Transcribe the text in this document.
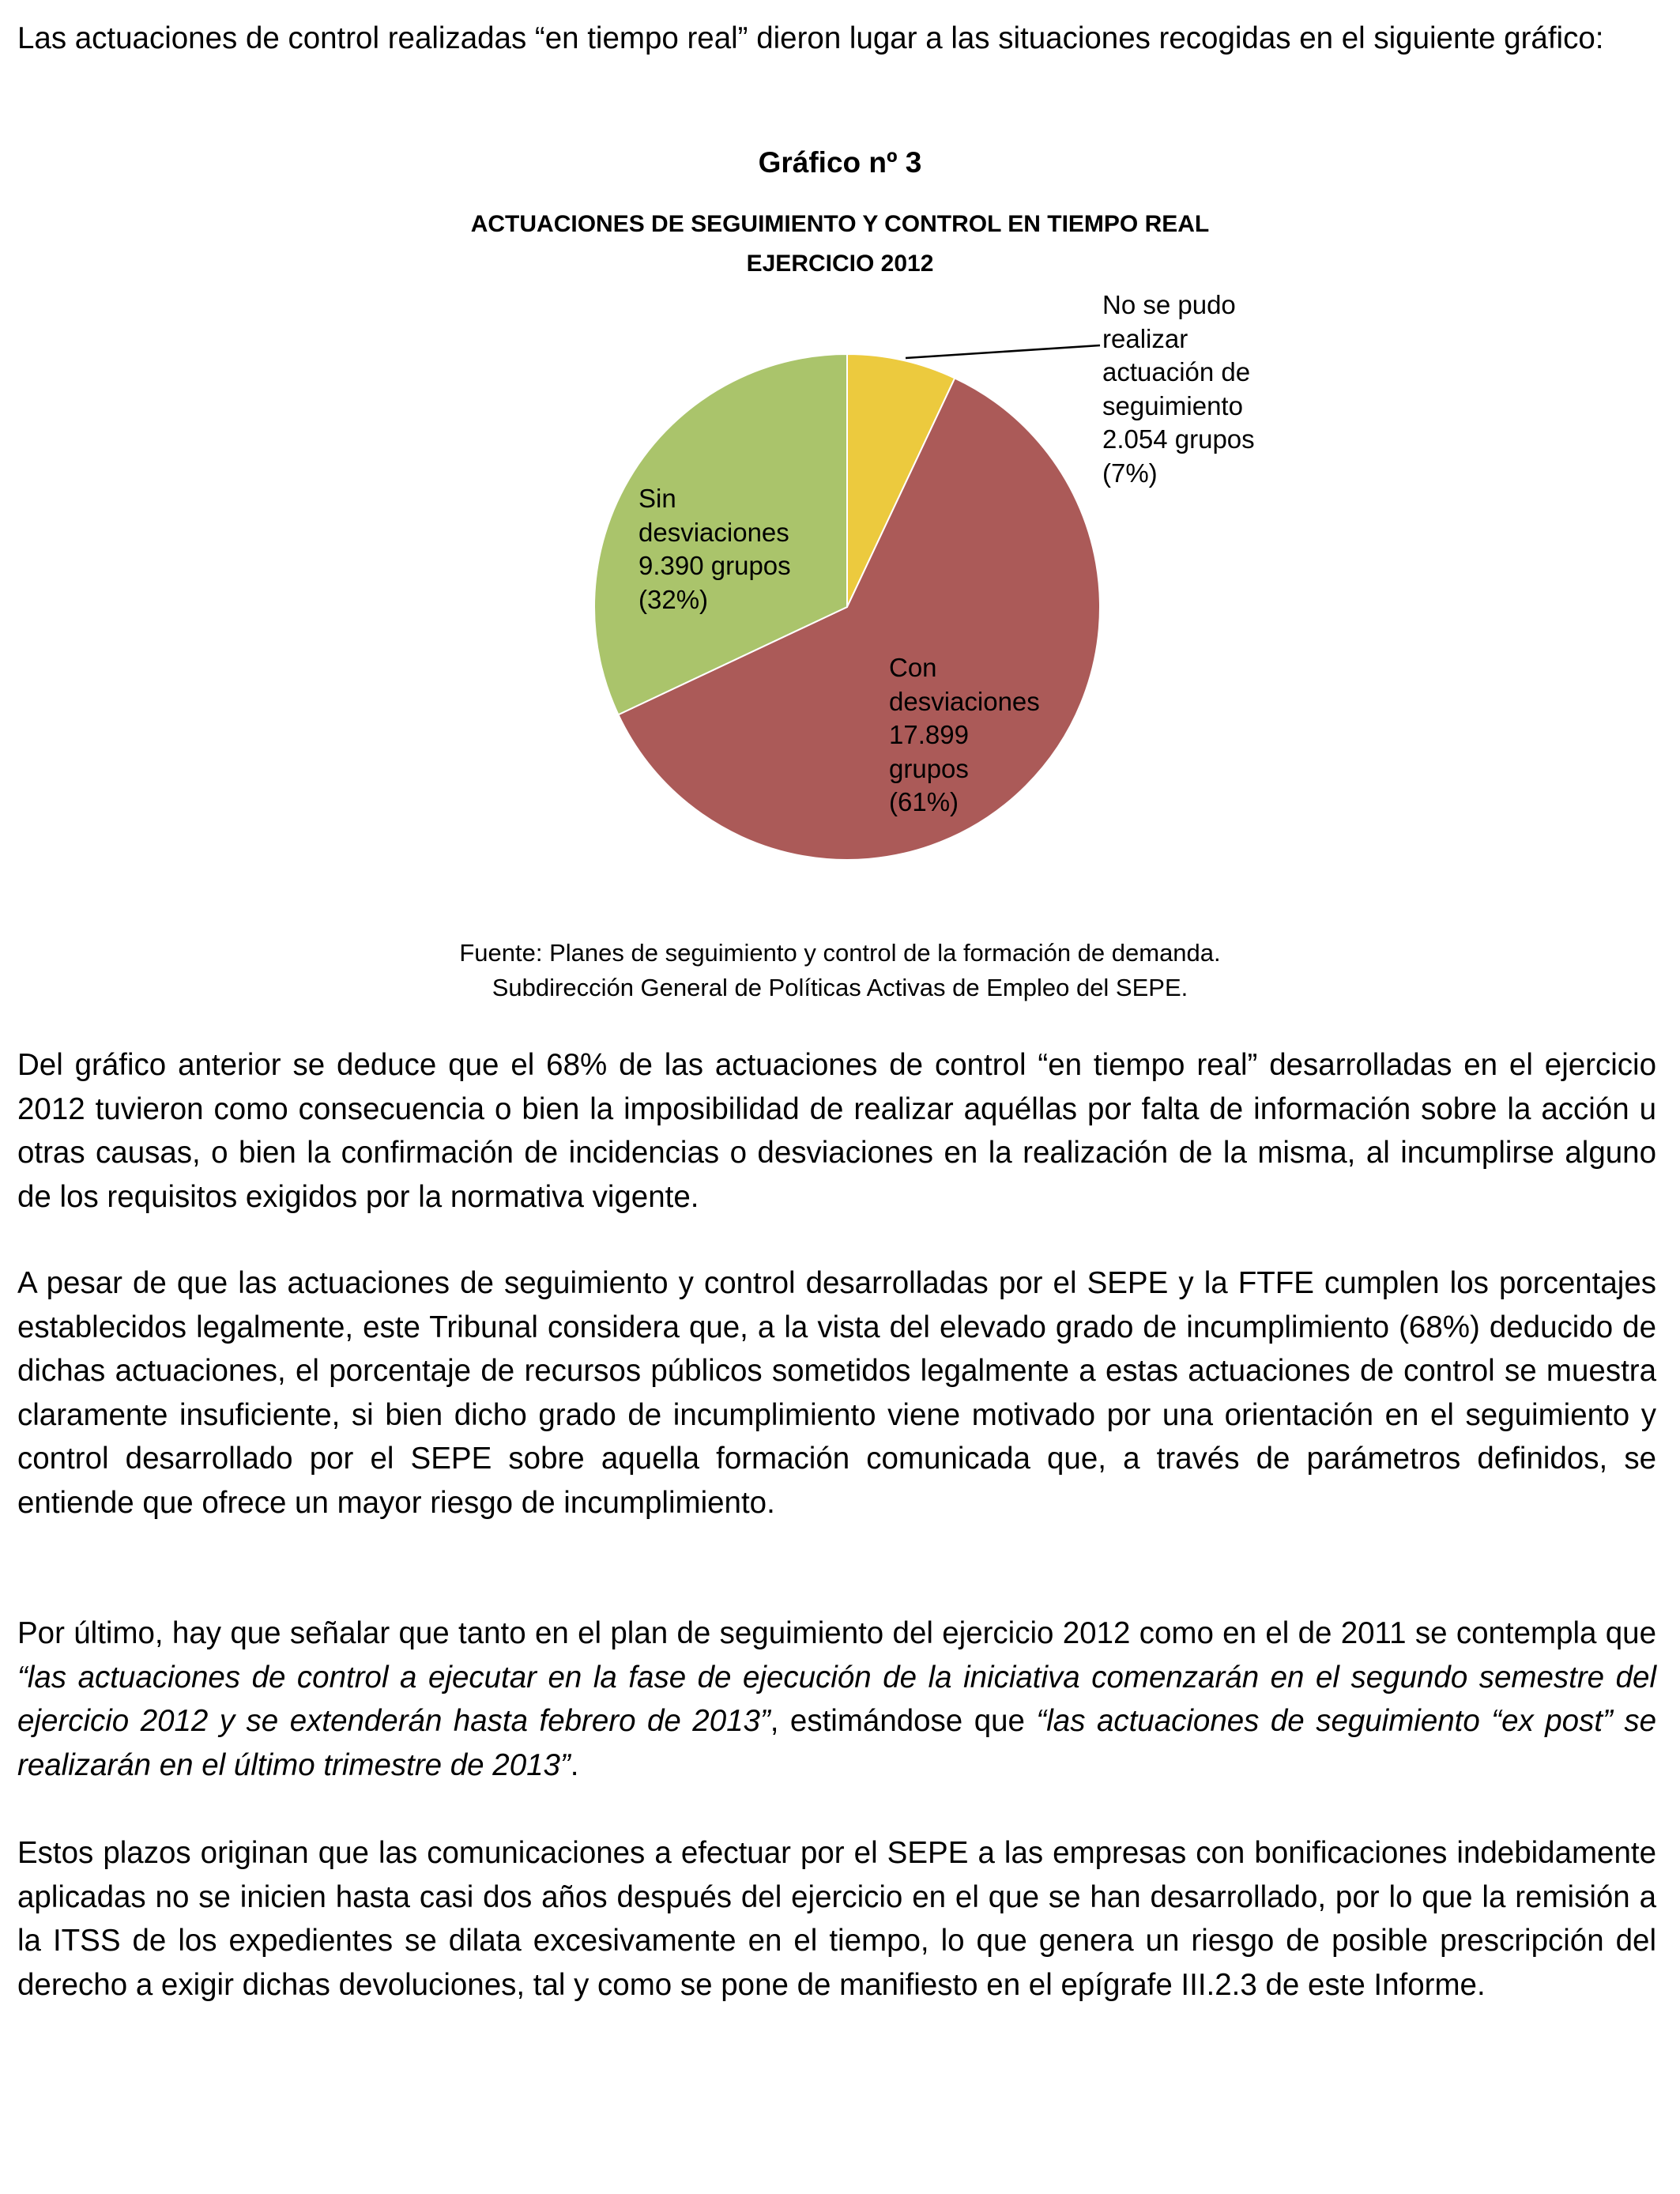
Las actuaciones de control realizadas “en tiempo real” dieron lugar a las situaciones recogidas en el siguiente gráfico:

Gráfico nº 3
ACTUACIONES DE SEGUIMIENTO Y CONTROL EN TIEMPO REAL
EJERCICIO 2012
No se pudo
realizar
actuación de
seguimiento
2.054 grupos
(7%)
Sin
desviaciones
9.390 grupos
(32%)
Con
desviaciones
17.899
grupos
(61%)
Fuente: Planes de seguimiento y control de la formación de demanda.
Subdirección General de Políticas Activas de Empleo del SEPE.

Del gráfico anterior se deduce que el 68% de las actuaciones de control “en tiempo real” desarrolladas en el ejercicio 2012 tuvieron como consecuencia o bien la imposibilidad de realizar aquéllas por falta de información sobre la acción u otras causas, o bien la confirmación de incidencias o desviaciones en la realización de la misma, al incumplirse alguno de los requisitos exigidos por la normativa vigente.

A pesar de que las actuaciones de seguimiento y control desarrolladas por el SEPE y la FTFE cumplen los porcentajes establecidos legalmente, este Tribunal considera que, a la vista del elevado grado de incumplimiento (68%) deducido de dichas actuaciones, el porcentaje de recursos públicos sometidos legalmente a estas actuaciones de control se muestra claramente insuficiente, si bien dicho grado de incumplimiento viene motivado por una orientación en el seguimiento y control desarrollado por el SEPE sobre aquella formación comunicada que, a través de parámetros definidos, se entiende que ofrece un mayor riesgo de incumplimiento.

Por último, hay que señalar que tanto en el plan de seguimiento del ejercicio 2012 como en el de 2011 se contempla que “las actuaciones de control a ejecutar en la fase de ejecución de la iniciativa comenzarán en el segundo semestre del ejercicio 2012 y se extenderán hasta febrero de 2013”, estimándose que “las actuaciones de seguimiento “ex post” se realizarán en el último trimestre de 2013”.

Estos plazos originan que las comunicaciones a efectuar por el SEPE a las empresas con bonificaciones indebidamente aplicadas no se inicien hasta casi dos años después del ejercicio en el que se han desarrollado, por lo que la remisión a la ITSS de los expedientes se dilata excesivamente en el tiempo, lo que genera un riesgo de posible prescripción del derecho a exigir dichas devoluciones, tal y como se pone de manifiesto en el epígrafe III.2.3 de este Informe.
